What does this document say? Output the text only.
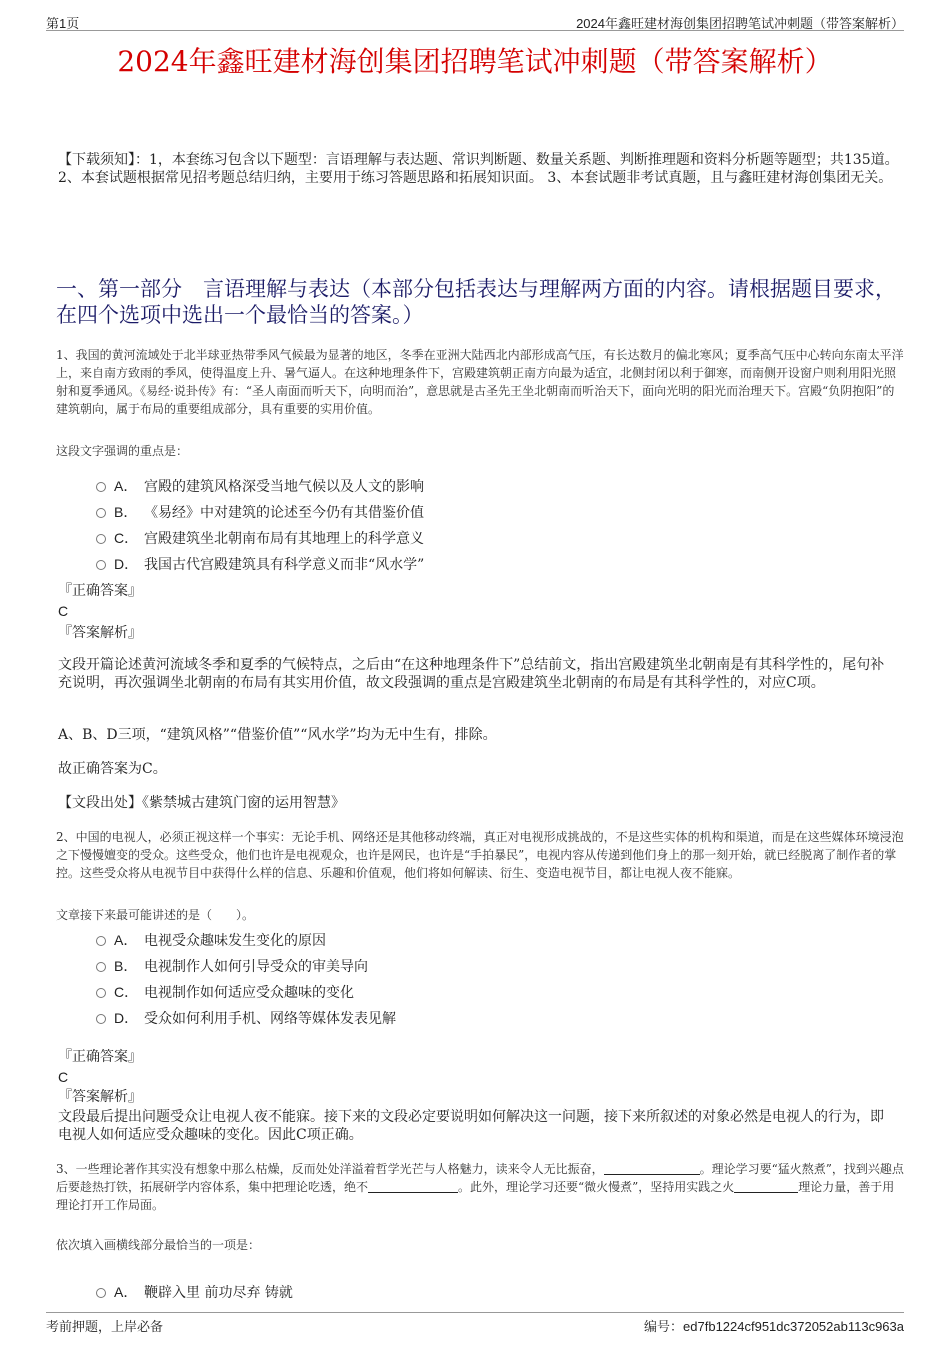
第1页	2024年鑫旺建材海创集团招聘笔试冲刺题（带答案解析）
2024年鑫旺建材海创集团招聘笔试冲刺题（带答案解析）
【下载须知】：1，本套练习包含以下题型：言语理解与表达题、常识判断题、数量关系题、判断推理题和资料分析题等题型；共135道。 2、本套试题根据常见招考题总结归纳，主要用于练习答题思路和拓展知识面。 3、本套试题非考试真题，且与鑫旺建材海创集团无关。
一、第一部分　言语理解与表达（本部分包括表达与理解两方面的内容。请根据题目要求，在四个选项中选出一个最恰当的答案。）
1、我国的黄河流域处于北半球亚热带季风气候最为显著的地区，冬季在亚洲大陆西北内部形成高气压，有长达数月的偏北寒风；夏季高气压中心转向东南太平洋上，来自南方致雨的季风，使得温度上升、暑气逼人。在这种地理条件下，宫殿建筑朝正南方向最为适宜，北侧封闭以利于御寒，而南侧开设窗户则利用阳光照射和夏季通风。《易经·说卦传》有：“圣人南面而听天下，向明而治”，意思就是古圣先王坐北朝南而听治天下，面向光明的阳光而治理天下。宫殿“负阴抱阳”的建筑朝向，属于布局的重要组成部分，具有重要的实用价值。
这段文字强调的重点是：
A． 宫殿的建筑风格深受当地气候以及人文的影响
B． 《易经》中对建筑的论述至今仍有其借鉴价值
C． 宫殿建筑坐北朝南布局有其地理上的科学意义
D． 我国古代宫殿建筑具有科学意义而非“风水学”
『正确答案』
C
『答案解析』
文段开篇论述黄河流域冬季和夏季的气候特点，之后由“在这种地理条件下”总结前文，指出宫殿建筑坐北朝南是有其科学性的，尾句补充说明，再次强调坐北朝南的布局有其实用价值，故文段强调的重点是宫殿建筑坐北朝南的布局是有其科学性的，对应C项。
A、B、D三项，“建筑风格”“借鉴价值”“风水学”均为无中生有，排除。
故正确答案为C。
【文段出处】《紫禁城古建筑门窗的运用智慧》
2、中国的电视人，必须正视这样一个事实：无论手机、网络还是其他移动终端，真正对电视形成挑战的，不是这些实体的机构和渠道，而是在这些媒体环境浸泡之下慢慢嬗变的受众。这些受众，他们也许是电视观众，也许是网民，也许是“手拍暴民”，电视内容从传递到他们身上的那一刻开始，就已经脱离了制作者的掌控。这些受众将从电视节目中获得什么样的信息、乐趣和价值观，他们将如何解读、衍生、变造电视节目，都让电视人夜不能寐。
文章接下来最可能讲述的是（　　）。
A． 电视受众趣味发生变化的原因
B． 电视制作人如何引导受众的审美导向
C． 电视制作如何适应受众趣味的变化
D． 受众如何利用手机、网络等媒体发表见解
『正确答案』
C
『答案解析』
文段最后提出问题受众让电视人夜不能寐。接下来的文段必定要说明如何解决这一问题，接下来所叙述的对象必然是电视人的行为，即电视人如何适应受众趣味的变化。因此C项正确。
3、一些理论著作其实没有想象中那么枯燥，反而处处洋溢着哲学光芒与人格魅力，读来令人无比振奋，	。理论学习要“猛火熬煮”，找到兴趣点后要趁热打铁，拓展研学内容体系，集中把理论吃透，绝不	。此外，理论学习还要“微火慢煮”，坚持用实践之火	理论力量，善于用理论打开工作局面。
依次填入画横线部分最恰当的一项是：
A． 鞭辟入里 前功尽弃 铸就
考前押题，上岸必备	编号：ed7fb1224cf951dc372052ab113c963a
